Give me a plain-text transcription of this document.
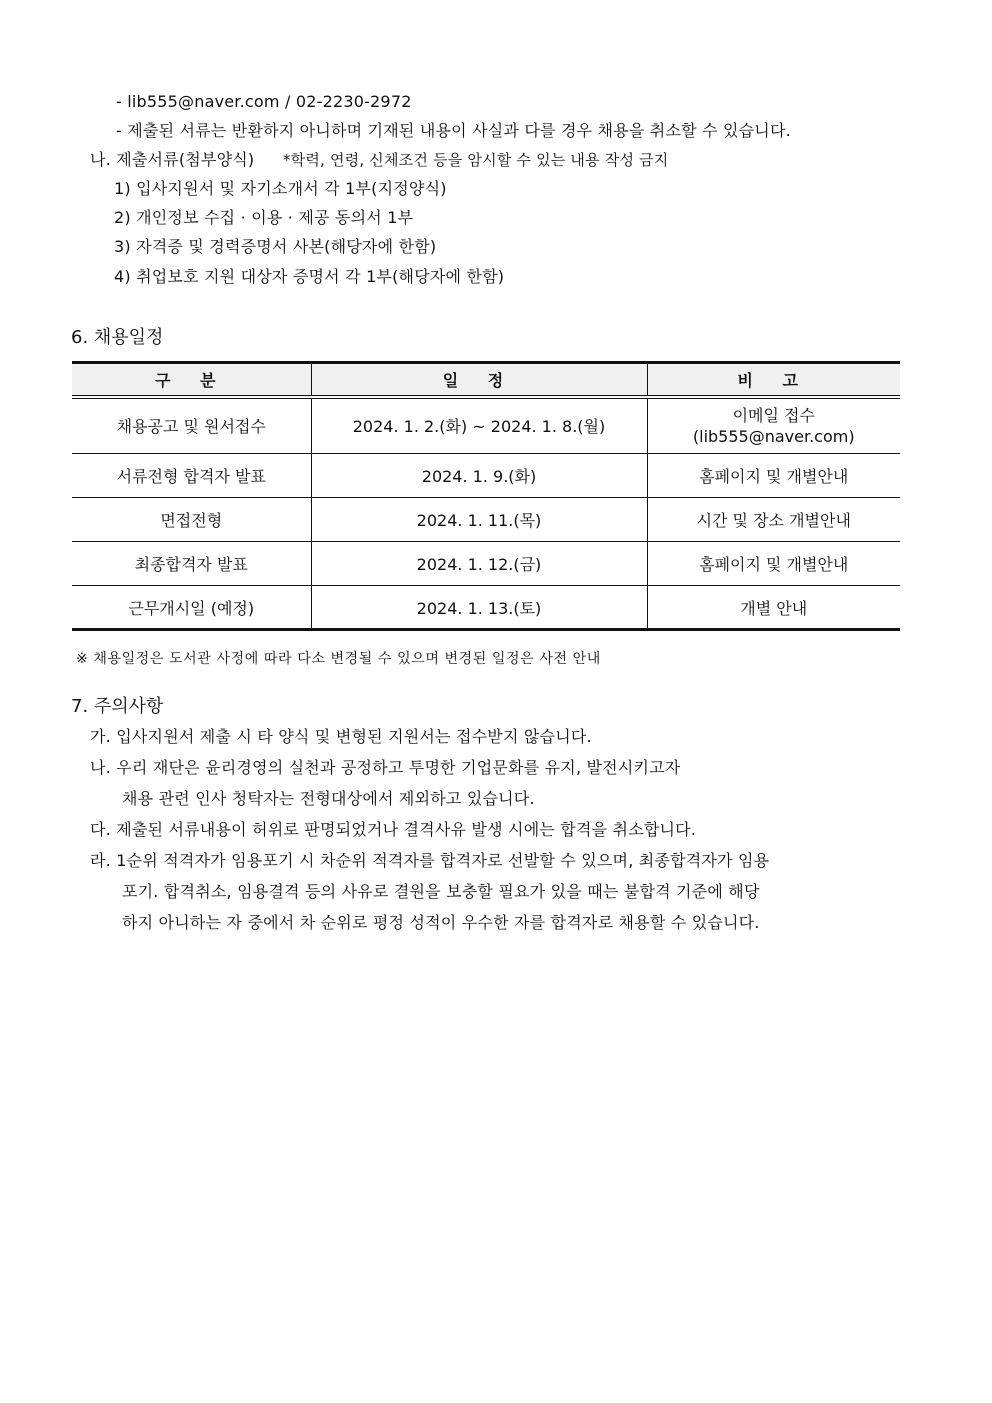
- lib555@naver.com / 02-2230-2972
- 제출된 서류는 반환하지 아니하며 기재된 내용이 사실과 다를 경우 채용을 취소할 수 있습니다.
나. 제출서류(첨부양식) *학력, 연령, 신체조건 등을 암시할 수 있는 내용 작성 금지
1) 입사지원서 및 자기소개서 각 1부(지정양식)
2) 개인정보 수집 · 이용 · 제공 동의서 1부
3) 자격증 및 경력증명서 사본(해당자에 한함)
4) 취업보호 지원 대상자 증명서 각 1부(해당자에 한함)
6. 채용일정
구 분	일 정	비 고
채용공고 및 원서접수	2024. 1. 2.(화) ~ 2024. 1. 8.(월)	이메일 접수
(lib555@naver.com)

서류전형 합격자 발표	2024. 1. 9.(화)	홈페이지 및 개별안내
면접전형	2024. 1. 11.(목)	시간 및 장소 개별안내
최종합격자 발표	2024. 1. 12.(금)	홈페이지 및 개별안내
근무개시일 (예정)	2024. 1. 13.(토)	개별 안내
※ 채용일정은 도서관 사정에 따라 다소 변경될 수 있으며 변경된 일정은 사전 안내
7. 주의사항
가. 입사지원서 제출 시 타 양식 및 변형된 지원서는 접수받지 않습니다.
나. 우리 재단은 윤리경영의 실천과 공정하고 투명한 기업문화를 유지, 발전시키고자
채용 관련 인사 청탁자는 전형대상에서 제외하고 있습니다.
다. 제출된 서류내용이 허위로 판명되었거나 결격사유 발생 시에는 합격을 취소합니다.
라. 1순위 적격자가 임용포기 시 차순위 적격자를 합격자로 선발할 수 있으며, 최종합격자가 임용
포기. 합격취소, 임용결격 등의 사유로 결원을 보충할 필요가 있을 때는 불합격 기준에 해당
하지 아니하는 자 중에서 차 순위로 평정 성적이 우수한 자를 합격자로 채용할 수 있습니다.
